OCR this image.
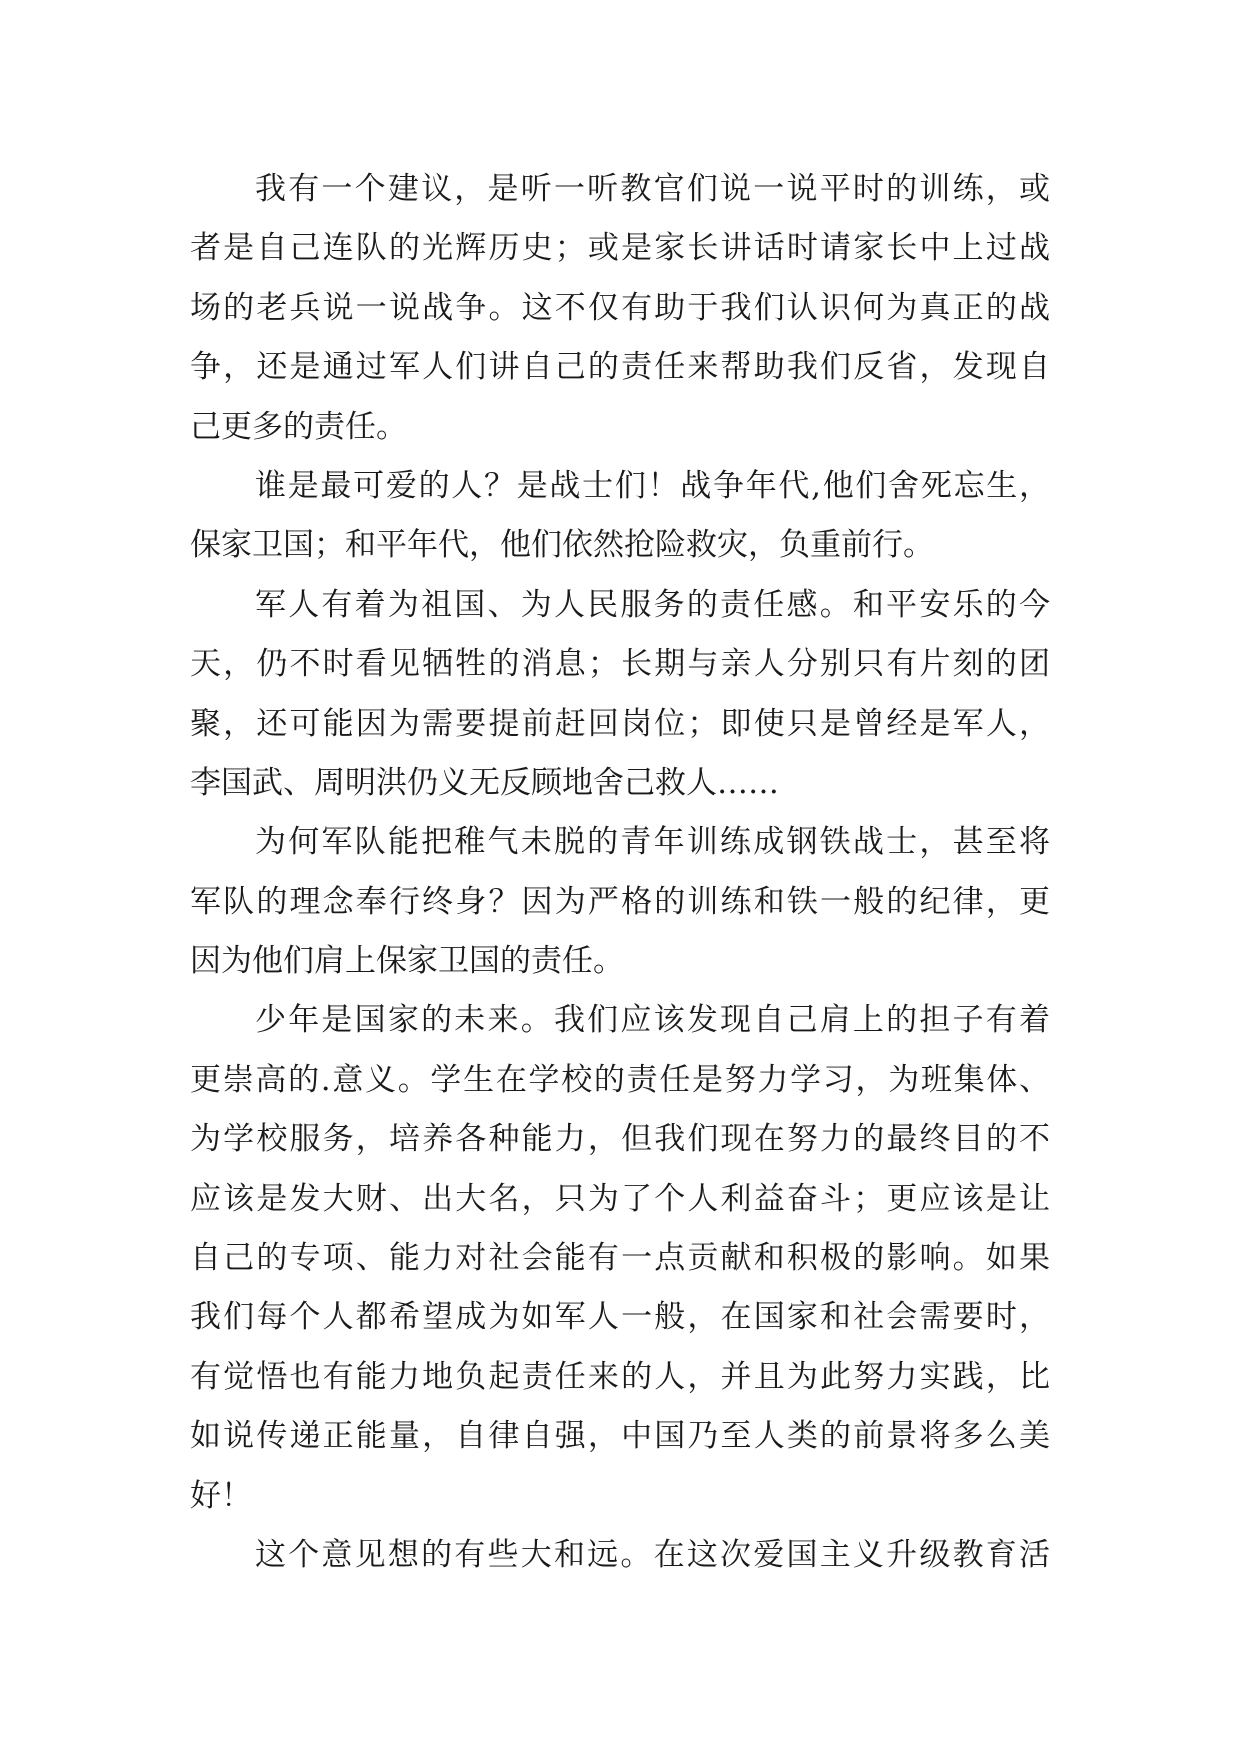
我有一个建议，是听一听教官们说一说平时的训练，或
者是自己连队的光辉历史；或是家长讲话时请家长中上过战
场的老兵说一说战争。这不仅有助于我们认识何为真正的战
争，还是通过军人们讲自己的责任来帮助我们反省，发现自
己更多的责任。
谁是最可爱的人？是战士们！战争年代,他们舍死忘生，
保家卫国；和平年代，他们依然抢险救灾，负重前行。
军人有着为祖国、为人民服务的责任感。和平安乐的今
天，仍不时看见牺牲的消息；长期与亲人分别只有片刻的团
聚，还可能因为需要提前赶回岗位；即使只是曾经是军人，
李国武、周明洪仍义无反顾地舍己救人……
为何军队能把稚气未脱的青年训练成钢铁战士，甚至将
军队的理念奉行终身？因为严格的训练和铁一般的纪律，更
因为他们肩上保家卫国的责任。
少年是国家的未来。我们应该发现自己肩上的担子有着
更崇高的.意义。学生在学校的责任是努力学习，为班集体、
为学校服务，培养各种能力，但我们现在努力的最终目的不
应该是发大财、出大名，只为了个人利益奋斗；更应该是让
自己的专项、能力对社会能有一点贡献和积极的影响。如果
我们每个人都希望成为如军人一般，在国家和社会需要时，
有觉悟也有能力地负起责任来的人，并且为此努力实践，比
如说传递正能量，自律自强，中国乃至人类的前景将多么美
好！
这个意见想的有些大和远。在这次爱国主义升级教育活
